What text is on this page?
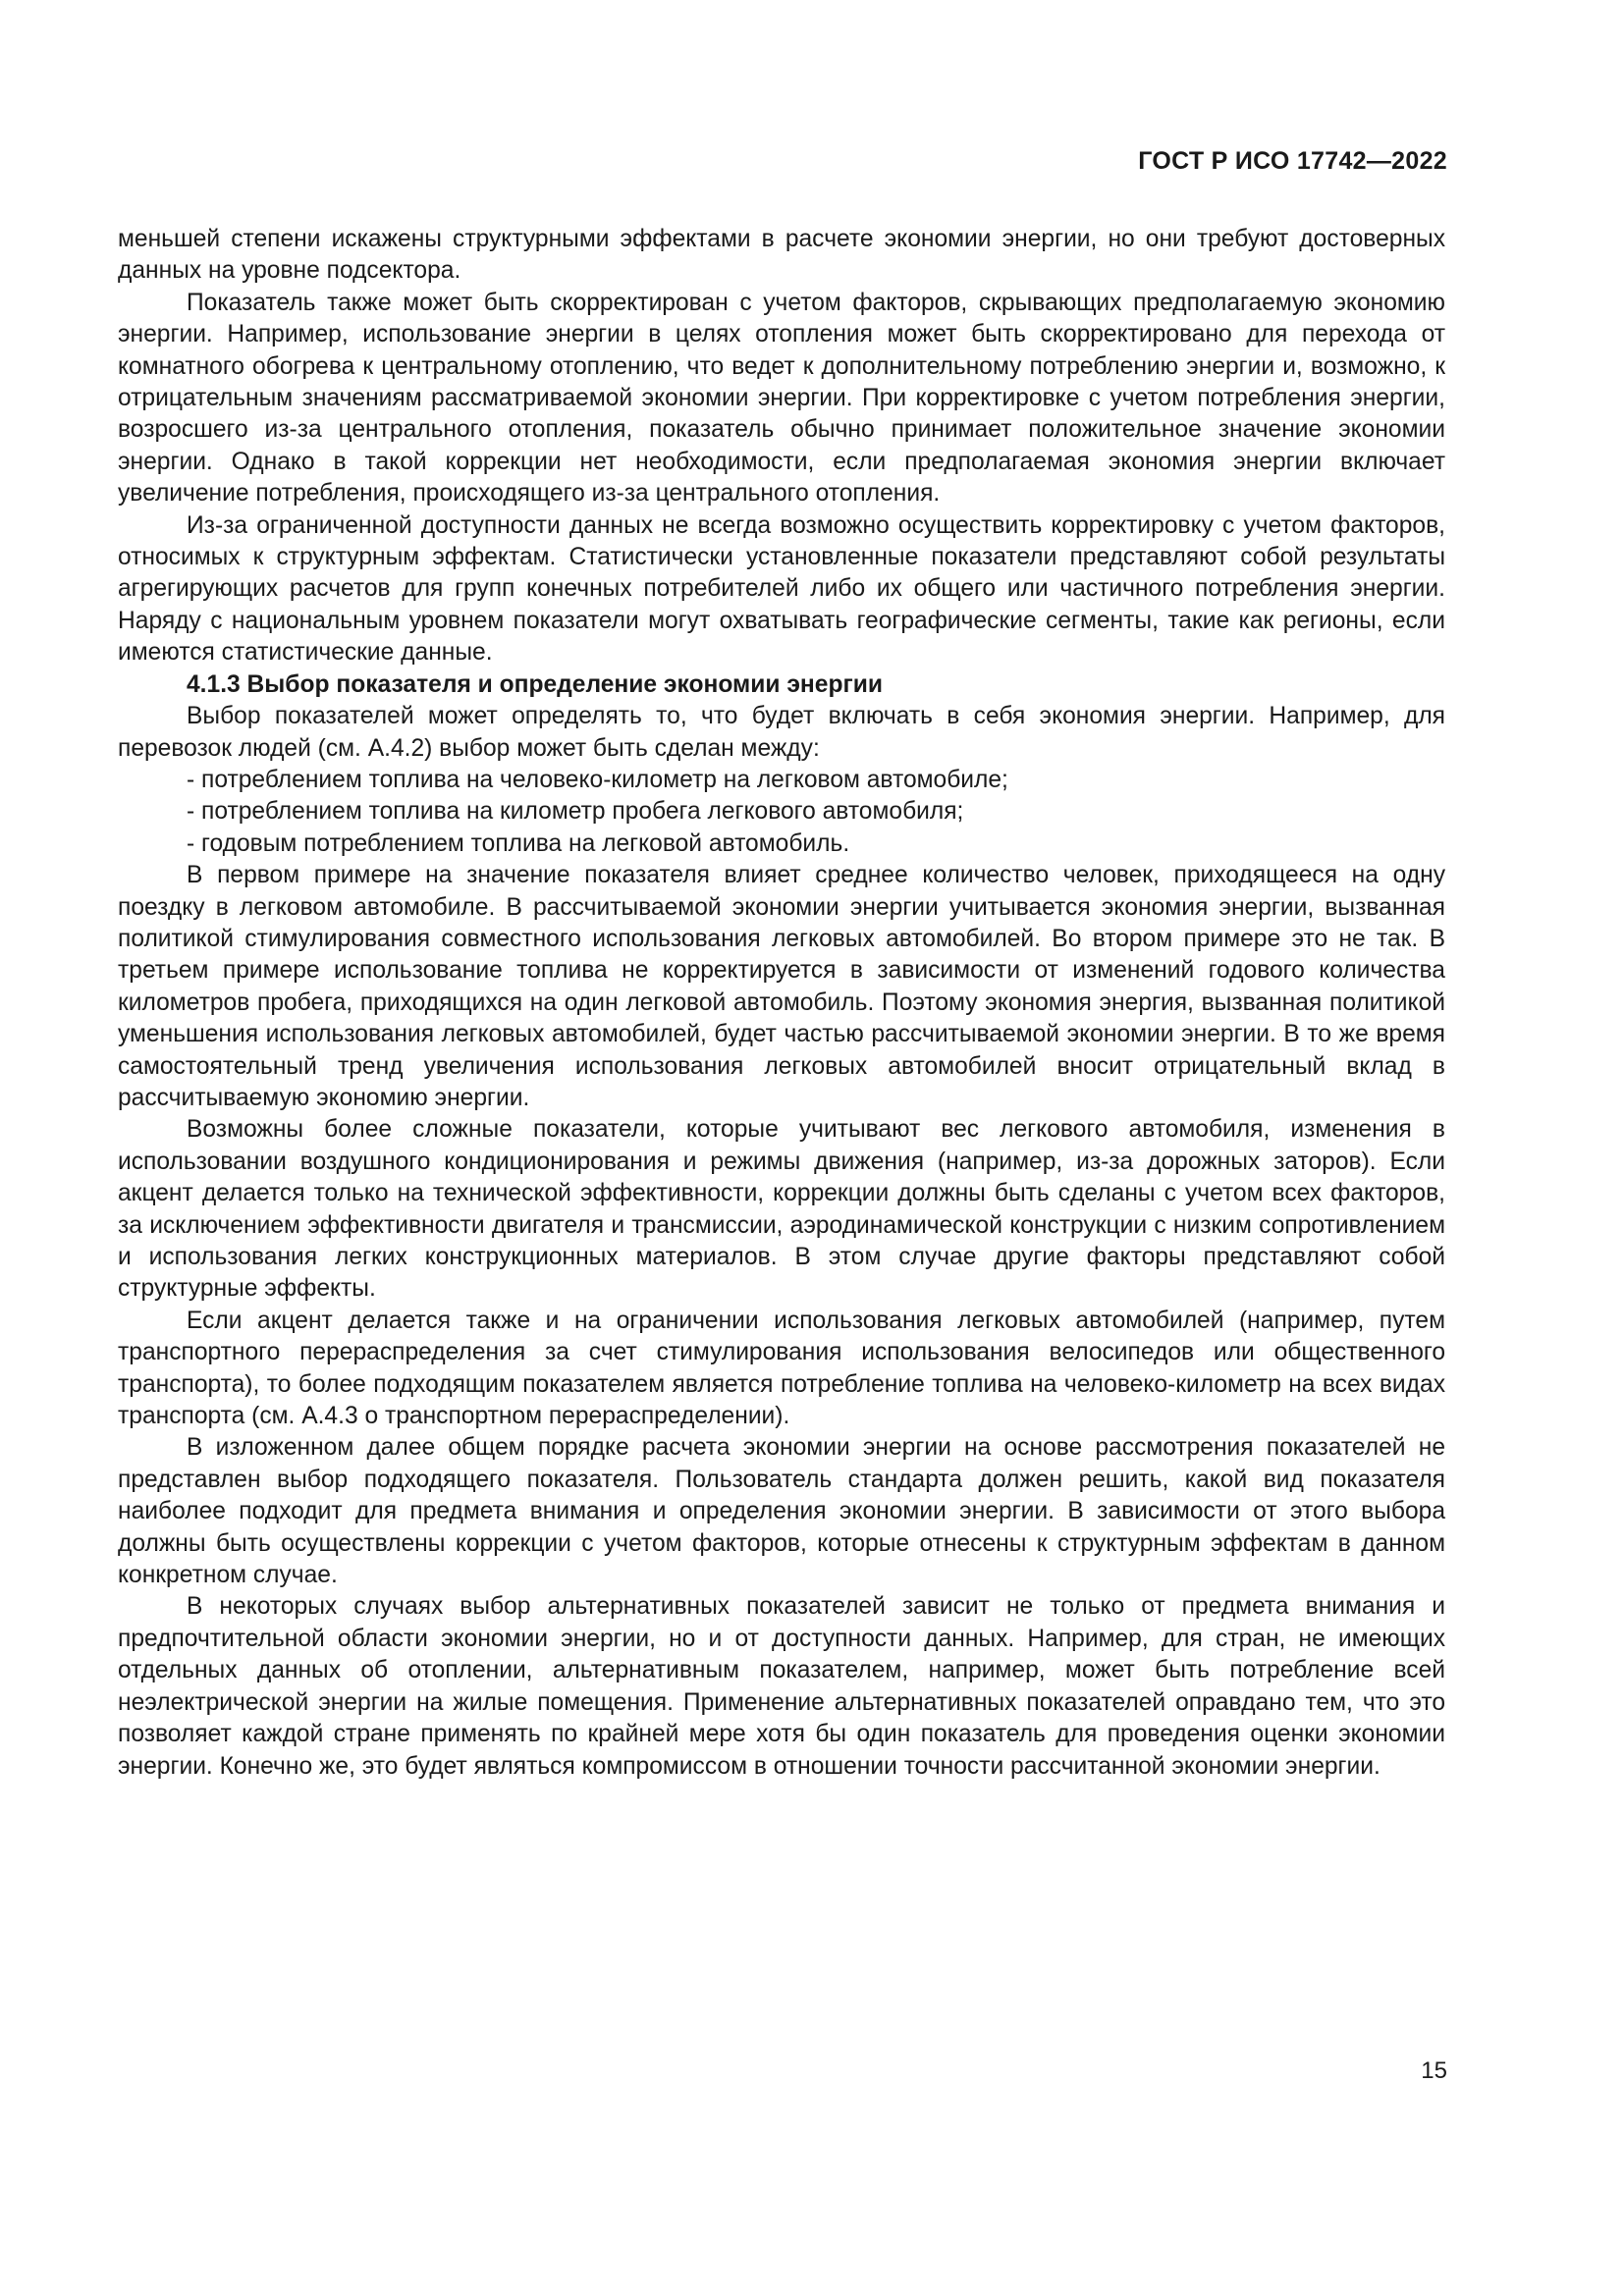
ГОСТ Р ИСО 17742—2022

меньшей степени искажены структурными эффектами в расчете экономии энергии, но они требуют достоверных данных на уровне подсектора.

Показатель также может быть скорректирован с учетом факторов, скрывающих предполагаемую экономию энергии. Например, использование энергии в целях отопления может быть скорректировано для перехода от комнатного обогрева к центральному отоплению, что ведет к дополнительному потреблению энергии и, возможно, к отрицательным значениям рассматриваемой экономии энергии. При корректировке с учетом потребления энергии, возросшего из-за центрального отопления, показатель обычно принимает положительное значение экономии энергии. Однако в такой коррекции нет необходимости, если предполагаемая экономия энергии включает увеличение потребления, происходящего из-за центрального отопления.

Из-за ограниченной доступности данных не всегда возможно осуществить корректировку с учетом факторов, относимых к структурным эффектам. Статистически установленные показатели представляют собой результаты агрегирующих расчетов для групп конечных потребителей либо их общего или частичного потребления энергии. Наряду с национальным уровнем показатели могут охватывать географические сегменты, такие как регионы, если имеются статистические данные.

4.1.3 Выбор показателя и определение экономии энергии

Выбор показателей может определять то, что будет включать в себя экономия энергии. Например, для перевозок людей (см. А.4.2) выбор может быть сделан между:

- потреблением топлива на человеко-километр на легковом автомобиле;
- потреблением топлива на километр пробега легкового автомобиля;
- годовым потреблением топлива на легковой автомобиль.

В первом примере на значение показателя влияет среднее количество человек, приходящееся на одну поездку в легковом автомобиле. В рассчитываемой экономии энергии учитывается экономия энергии, вызванная политикой стимулирования совместного использования легковых автомобилей. Во втором примере это не так. В третьем примере использование топлива не корректируется в зависимости от изменений годового количества километров пробега, приходящихся на один легковой автомобиль. Поэтому экономия энергия, вызванная политикой уменьшения использования легковых автомобилей, будет частью рассчитываемой экономии энергии. В то же время самостоятельный тренд увеличения использования легковых автомобилей вносит отрицательный вклад в рассчитываемую экономию энергии.

Возможны более сложные показатели, которые учитывают вес легкового автомобиля, изменения в использовании воздушного кондиционирования и режимы движения (например, из-за дорожных заторов). Если акцент делается только на технической эффективности, коррекции должны быть сделаны с учетом всех факторов, за исключением эффективности двигателя и трансмиссии, аэродинамической конструкции с низким сопротивлением и использования легких конструкционных материалов. В этом случае другие факторы представляют собой структурные эффекты.

Если акцент делается также и на ограничении использования легковых автомобилей (например, путем транспортного перераспределения за счет стимулирования использования велосипедов или общественного транспорта), то более подходящим показателем является потребление топлива на человеко-километр на всех видах транспорта (см. А.4.3 о транспортном перераспределении).

В изложенном далее общем порядке расчета экономии энергии на основе рассмотрения показателей не представлен выбор подходящего показателя. Пользователь стандарта должен решить, какой вид показателя наиболее подходит для предмета внимания и определения экономии энергии. В зависимости от этого выбора должны быть осуществлены коррекции с учетом факторов, которые отнесены к структурным эффектам в данном конкретном случае.

В некоторых случаях выбор альтернативных показателей зависит не только от предмета внимания и предпочтительной области экономии энергии, но и от доступности данных. Например, для стран, не имеющих отдельных данных об отоплении, альтернативным показателем, например, может быть потребление всей неэлектрической энергии на жилые помещения. Применение альтернативных показателей оправдано тем, что это позволяет каждой стране применять по крайней мере хотя бы один показатель для проведения оценки экономии энергии. Конечно же, это будет являться компромиссом в отношении точности рассчитанной экономии энергии.

15
